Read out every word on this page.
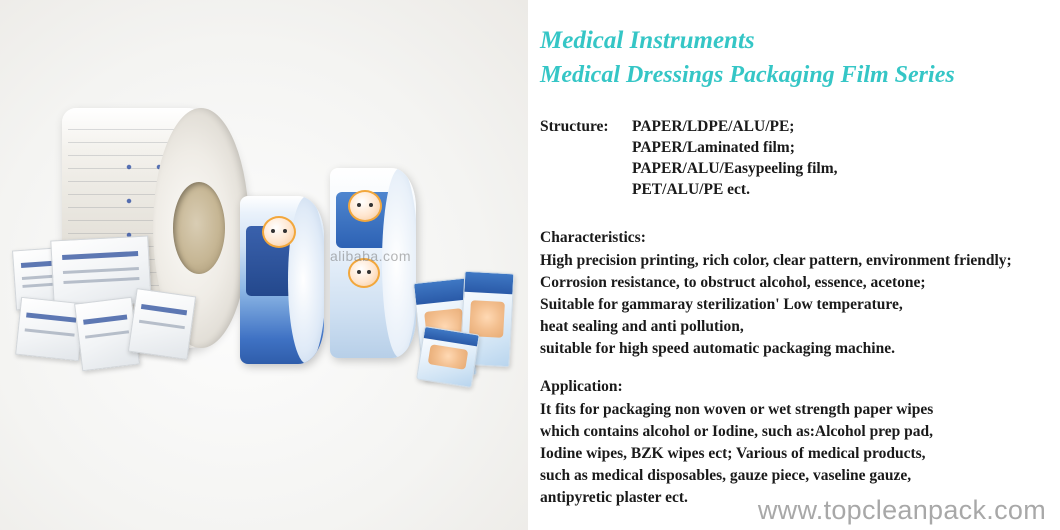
alibaba.com
Medical Instruments
Medical Dressings Packaging Film Series
Structure:	PAPER/LDPE/ALU/PE;
PAPER/Laminated film;
PAPER/ALU/Easypeeling film,
PET/ALU/PE ect.

Characteristics:

High precision printing, rich color, clear pattern, environment friendly;

Corrosion resistance, to obstruct alcohol, essence, acetone;

Suitable for gammaray sterilization' Low temperature,

heat sealing and anti pollution,

suitable for high speed automatic packaging machine.

Application:

It fits for packaging non woven or wet strength paper wipes

which contains alcohol or Iodine, such as:Alcohol prep pad,

Iodine wipes, BZK wipes ect; Various of medical products,

such as medical disposables, gauze piece, vaseline gauze,

antipyretic plaster ect.	www.topcleanpack.com
